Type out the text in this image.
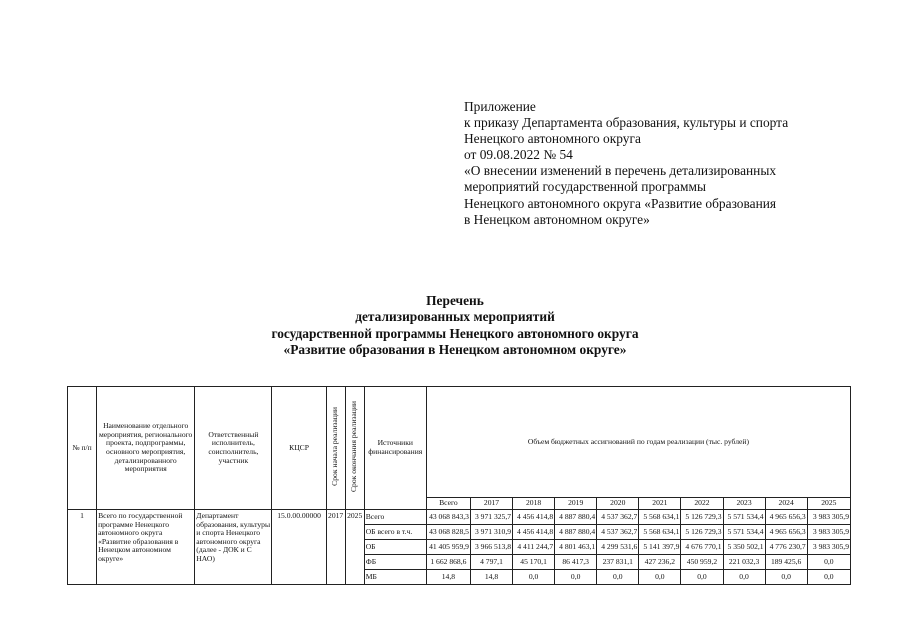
Приложение
к приказу Департамента образования, культуры и спорта
Ненецкого автономного округа
от 09.08.2022 № 54
«О внесении изменений в перечень детализированных
мероприятий государственной программы
Ненецкого автономного округа «Развитие образования
в Ненецком автономном округе»
Перечень
детализированных мероприятий
государственной программы Ненецкого автономного округа
«Развитие образования в Ненецком автономном округе»
№ п/п	Наименование отдельного мероприятия, регионального проекта, подпрограммы, основного мероприятия, детализированного мероприятия	Ответственный исполнитель, соисполнитель, участник	КЦСР	Срок начала реализации	Срок окончания реализации	Источники финансирования	Объем бюджетных ассигнований по годам реализации (тыс. рублей)									
							Всего	2017	2018	2019	2020	2021	2022	2023	2024	2025
1	Всего по государственной программе Ненецкого автономного округа «Развитие образования в Ненецком автономном округе»	Департамент образования, культуры и спорта Ненецкого автономного округа (далее - ДОК и С НАО)	15.0.00.00000	2017	2025	Всего	43 068 843,3	3 971 325,7	4 456 414,8	4 887 880,4	4 537 362,7	5 568 634,1	5 126 729,3	5 571 534,4	4 965 656,3	3 983 305,9
						ОБ всего в т.ч.	43 068 828,5	3 971 310,9	4 456 414,8	4 887 880,4	4 537 362,7	5 568 634,1	5 126 729,3	5 571 534,4	4 965 656,3	3 983 305,9
						ОБ	41 405 959,9	3 966 513,8	4 411 244,7	4 801 463,1	4 299 531,6	5 141 397,9	4 676 770,1	5 350 502,1	4 776 230,7	3 983 305,9
						ФБ	1 662 868,6	4 797,1	45 170,1	86 417,3	237 831,1	427 236,2	450 959,2	221 032,3	189 425,6	0,0
						МБ	14,8	14,8	0,0	0,0	0,0	0,0	0,0	0,0	0,0	0,0
